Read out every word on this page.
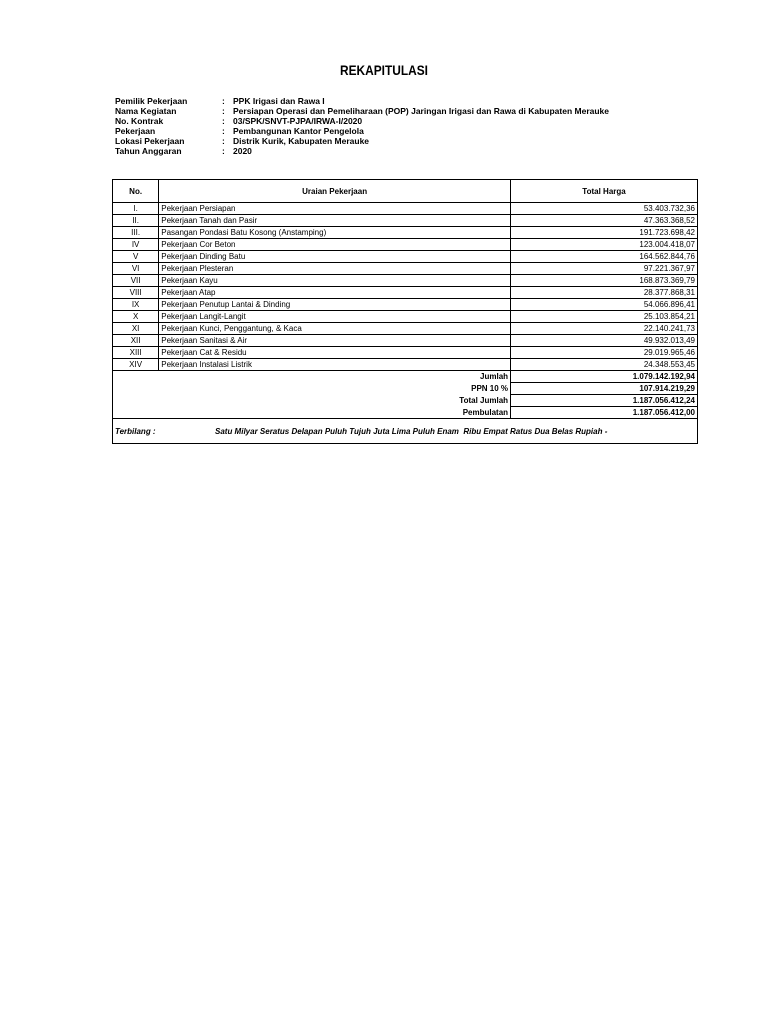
REKAPITULASI
Pemilik Pekerjaan	: PPK Irigasi dan Rawa I
Nama Kegiatan	: Persiapan Operasi dan Pemeliharaan (POP) Jaringan Irigasi dan Rawa di Kabupaten Merauke
No. Kontrak	: 03/SPK/SNVT-PJPA/IRWA-I/2020
Pekerjaan	: Pembangunan Kantor Pengelola
Lokasi Pekerjaan	: Distrik Kurik, Kabupaten Merauke
Tahun Anggaran	: 2020
No.	Uraian Pekerjaan	Total Harga
I.	Pekerjaan Persiapan	53.403.732,36
II.	Pekerjaan Tanah dan Pasir	47.363.368,52
III.	Pasangan Pondasi Batu Kosong (Anstamping)	191.723.698,42
IV	Pekerjaan Cor Beton	123.004.418,07
V	Pekerjaan Dinding Batu	164.562.844,76
VI	Pekerjaan Plesteran	97.221.367,97
VII	Pekerjaan Kayu	168.873.369,79
VIII	Pekerjaan Atap	28.377.868,31
IX	Pekerjaan Penutup Lantai & Dinding	54.066.896,41
X	Pekerjaan Langit-Langit	25.103.854,21
XI	Pekerjaan Kunci, Penggantung, & Kaca	22.140.241,73
XII	Pekerjaan Sanitasi & Air	49.932.013,49
XIII	Pekerjaan Cat & Residu	29.019.965,46
XIV	Pekerjaan Instalasi Listrik	24.348.553,45
	Jumlah	1.079.142.192,94
	PPN 10 %	107.914.219,29
	Total Jumlah	1.187.056.412,24
	Pembulatan	1.187.056.412,00
Terbilang : Satu Milyar Seratus Delapan Puluh Tujuh Juta Lima Puluh Enam  Ribu Empat Ratus Dua Belas Rupiah -		
